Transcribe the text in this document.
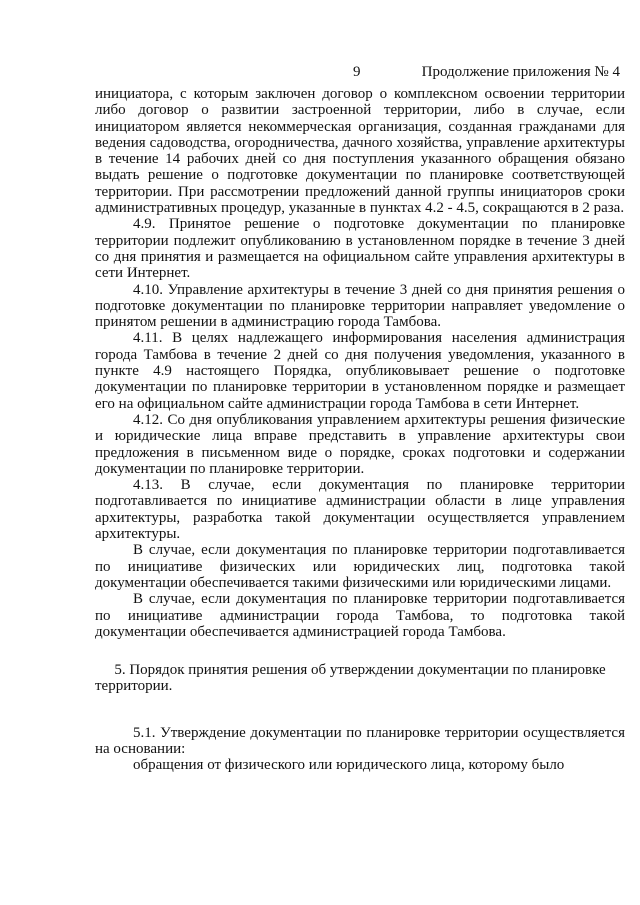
9	Продолжение приложения № 4

инициатора, с которым заключен договор о комплексном освоении территории либо договор о развитии застроенной территории, либо в случае, если инициатором является некоммерческая организация, созданная гражданами для ведения садоводства, огородничества, дачного хозяйства, управление архитектуры в течение 14 рабочих дней со дня поступления указанного обращения обязано выдать решение о подготовке документации по планировке соответствующей территории. При рассмотрении предложений данной группы инициаторов сроки административных процедур, указанные в пунктах 4.2 - 4.5, сокращаются в 2 раза.

4.9. Принятое решение о подготовке документации по планировке территории подлежит опубликованию в установленном порядке в течение 3 дней со дня принятия и размещается на официальном сайте управления архитектуры в сети Интернет.

4.10. Управление архитектуры в течение 3 дней со дня принятия решения о подготовке документации по планировке территории направляет уведомление о принятом решении в администрацию города Тамбова.

4.11. В целях надлежащего информирования населения администрация города Тамбова в течение 2 дней со дня получения уведомления, указанного в пункте 4.9 настоящего Порядка, опубликовывает решение о подготовке документации по планировке территории в установленном порядке и размещает его на официальном сайте администрации города Тамбова в сети Интернет.

4.12. Со дня опубликования управлением архитектуры решения физические и юридические лица вправе представить в управление архитектуры свои предложения в письменном виде о порядке, сроках подготовки и содержании документации по планировке территории.

4.13. В случае, если документация по планировке территории подготавливается по инициативе администрации области в лице управления архитектуры, разработка такой документации осуществляется управлением архитектуры.

В случае, если документация по планировке территории подготавливается по инициативе физических или юридических лиц, подготовка такой документации обеспечивается такими физическими или юридическими лицами.

В случае, если документация по планировке территории подготавливается по инициативе администрации города Тамбова, то подготовка такой документации обеспечивается администрацией города Тамбова.

5. Порядок принятия решения об утверждении документации по планировке территории.

5.1. Утверждение документации по планировке территории осуществляется на основании:

обращения от физического или юридического лица, которому было
